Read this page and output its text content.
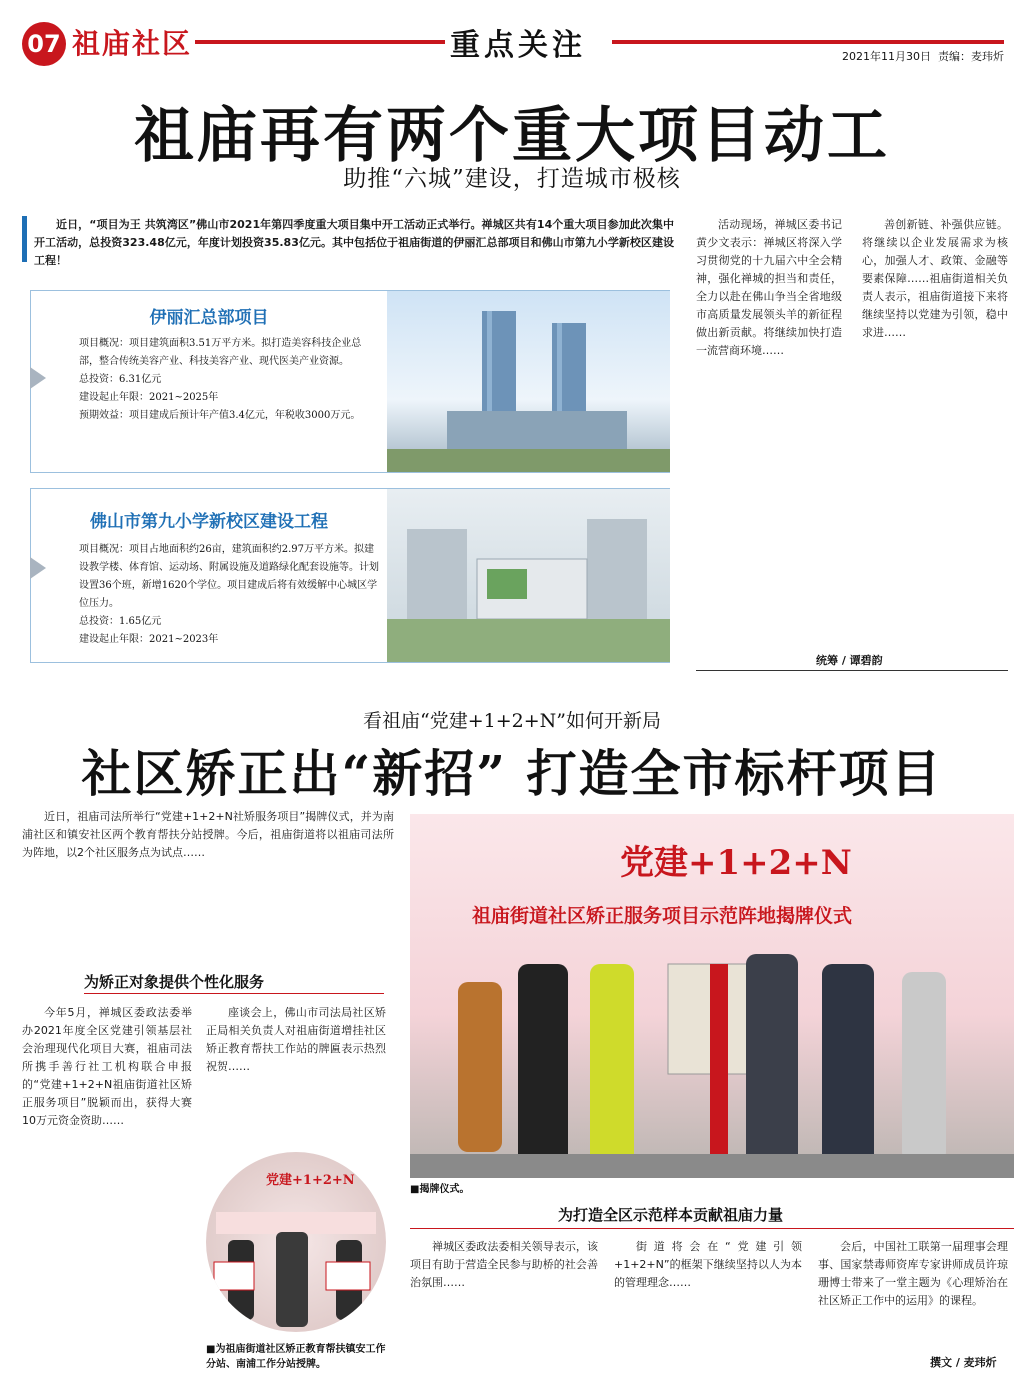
07 祖庙社区	重点关注	2021年11月30日 责编：麦玮炘
祖庙再有两个重大项目动工
助推“六城”建设，打造城市极核

近日，“项目为王 共筑湾区”佛山市2021年第四季度重大项目集中开工活动正式举行。禅城区共有14个重大项目参加此次集中开工活动，总投资323.48亿元，年度计划投资35.83亿元。其中包括位于祖庙街道的伊丽汇总部项目和佛山市第九小学新校区建设工程！

伊丽汇总部项目

项目概况：项目建筑面积3.51万平方米。拟打造美容科技企业总部，整合传统美容产业、科技美容产业、现代医美产业资源。

总投资：6.31亿元

建设起止年限：2021~2025年

预期效益：项目建成后预计年产值3.4亿元，年税收3000万元。

佛山市第九小学新校区建设工程

项目概况：项目占地面积约26亩，建筑面积约2.97万平方米。拟建设教学楼、体育馆、运动场、附属设施及道路绿化配套设施等。计划设置36个班，新增1620个学位。项目建成后将有效缓解中心城区学位压力。

总投资：1.65亿元

建设起止年限：2021~2023年

活动现场，禅城区委书记黄少文表示：禅城区将深入学习贯彻党的十九届六中全会精神，强化禅城的担当和责任，全力以赴在佛山争当全省地级市高质量发展领头羊的新征程做出新贡献。将继续加快打造一流营商环境……

善创新链、补强供应链。将继续以企业发展需求为核心，加强人才、政策、金融等要素保障……祖庙街道相关负责人表示，祖庙街道接下来将继续坚持以党建为引领，稳中求进……

统筹 / 谭碧韵
看祖庙“党建+1+2+N”如何开新局
社区矫正出“新招” 打造全市标杆项目

近日，祖庙司法所举行“党建+1+2+N社矫服务项目”揭牌仪式，并为南浦社区和镇安社区两个教育帮扶分站授牌。今后，祖庙街道将以祖庙司法所为阵地，以2个社区服务点为试点……

为矫正对象提供个性化服务

今年5月，禅城区委政法委举办2021年度全区党建引领基层社会治理现代化项目大赛，祖庙司法所携手善行社工机构联合申报的“党建+1+2+N祖庙街道社区矫正服务项目”脱颖而出，获得大赛10万元资金资助……

座谈会上，佛山市司法局社区矫正局相关负责人对祖庙街道增挂社区矫正教育帮扶工作站的牌匾表示热烈祝贺……

党建+1+2+N
■为祖庙街道社区矫正教育帮扶镇安工作分站、南浦工作分站授牌。
党建+1+2+N
祖庙街道社区矫正服务项目示范阵地揭牌仪式
■揭牌仪式。
为打造全区示范样本贡献祖庙力量

禅城区委政法委相关领导表示，该项目有助于营造全民参与助桥的社会善治氛围……

街道将会在“党建引领+1+2+N”的框架下继续坚持以人为本的管理理念……

会后，中国社工联第一届理事会理事、国家禁毒师资库专家讲师成员许琼珊博士带来了一堂主题为《心理矫治在社区矫正工作中的运用》的课程。

撰文 / 麦玮炘
